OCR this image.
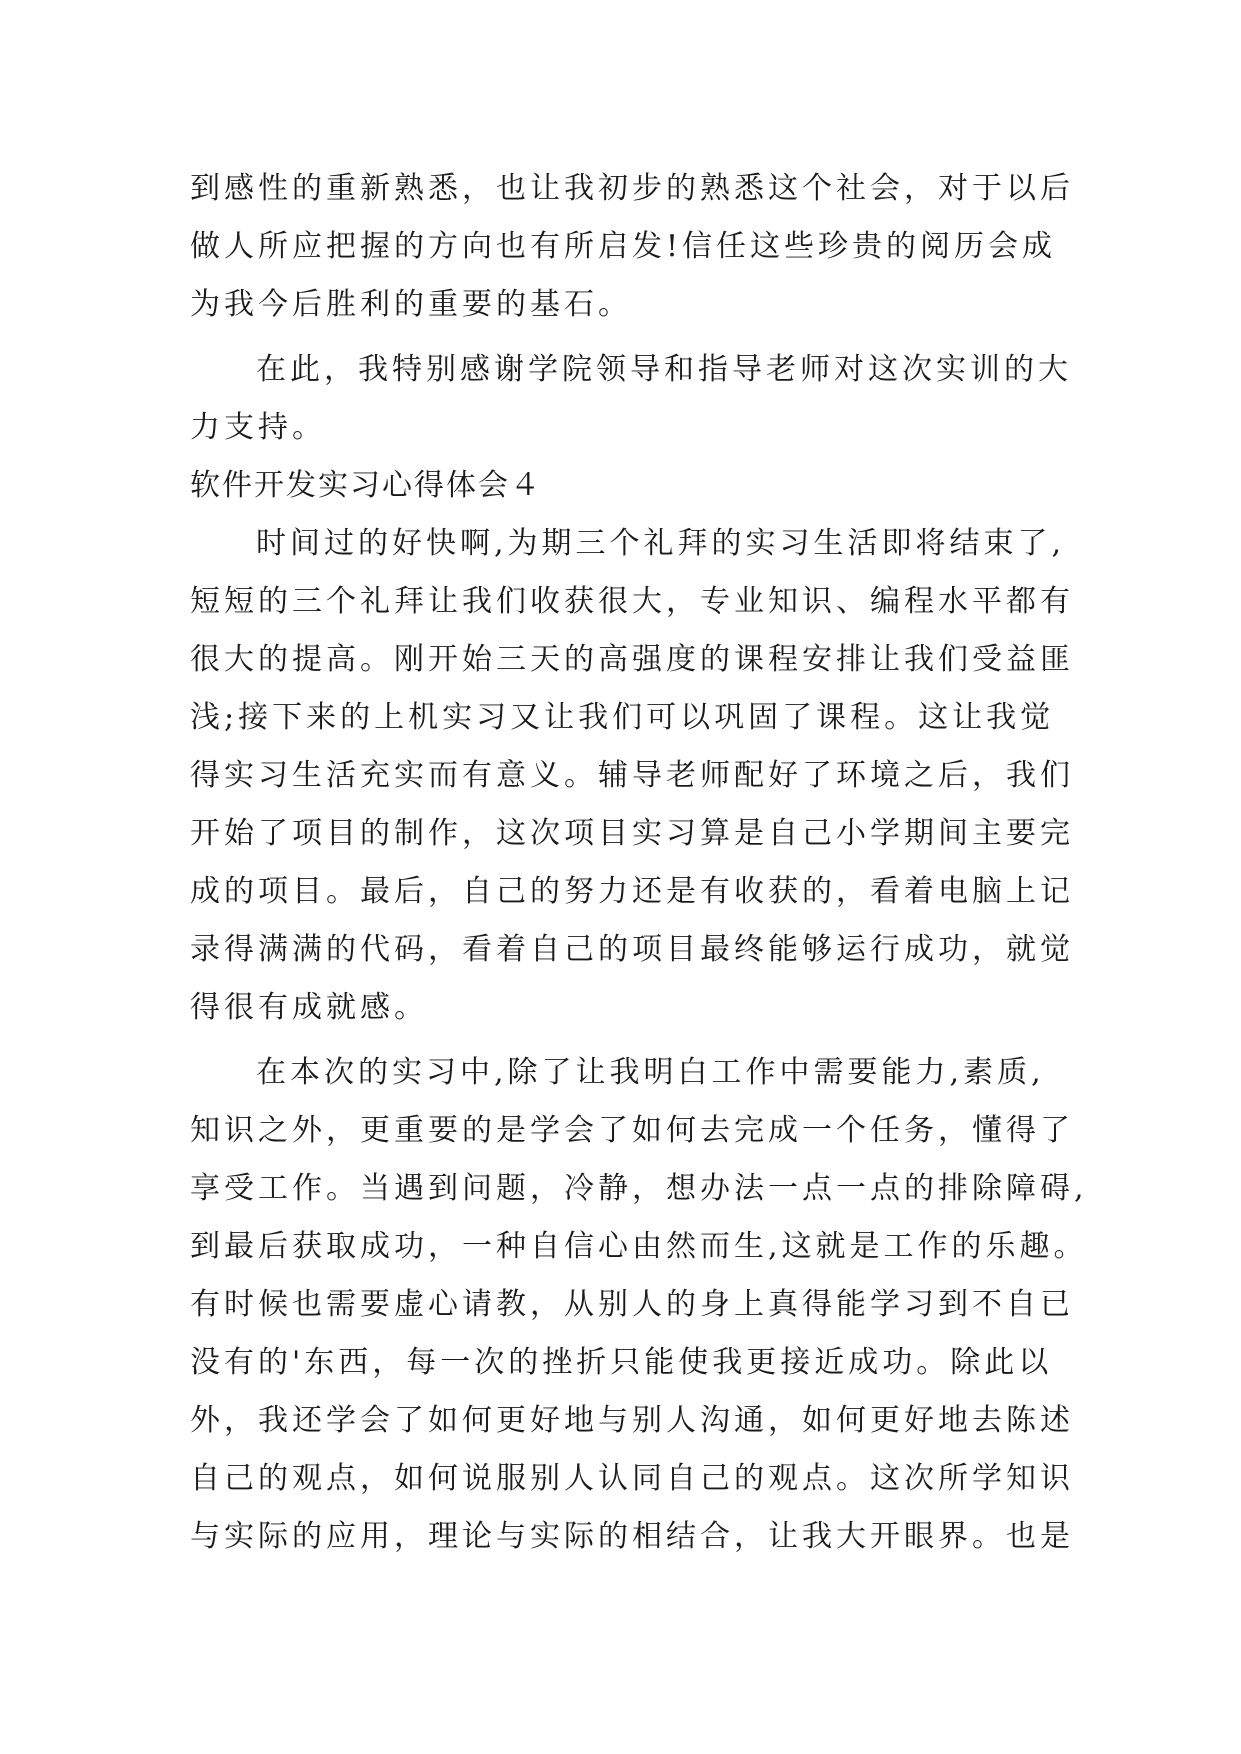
到感性的重新熟悉，也让我初步的熟悉这个社会，对于以后
做人所应把握的方向也有所启发!信任这些珍贵的阅历会成
为我今后胜利的重要的基石。
在此，我特别感谢学院领导和指导老师对这次实训的大
力支持。
软件开发实习心得体会４
时间过的好快啊,为期三个礼拜的实习生活即将结束了,
短短的三个礼拜让我们收获很大，专业知识、编程水平都有
很大的提高。刚开始三天的高强度的课程安排让我们受益匪
浅;接下来的上机实习又让我们可以巩固了课程。这让我觉
得实习生活充实而有意义。辅导老师配好了环境之后，我们
开始了项目的制作，这次项目实习算是自己小学期间主要完
成的项目。最后，自己的努力还是有收获的，看着电脑上记
录得满满的代码，看着自己的项目最终能够运行成功，就觉
得很有成就感。
在本次的实习中,除了让我明白工作中需要能力,素质,
知识之外，更重要的是学会了如何去完成一个任务，懂得了
享受工作。当遇到问题，冷静，想办法一点一点的排除障碍,
到最后获取成功，一种自信心由然而生,这就是工作的乐趣。
有时候也需要虚心请教，从别人的身上真得能学习到不自已
没有的'东西，每一次的挫折只能使我更接近成功。除此以
外，我还学会了如何更好地与别人沟通，如何更好地去陈述
自己的观点，如何说服别人认同自己的观点。这次所学知识
与实际的应用，理论与实际的相结合，让我大开眼界。也是
